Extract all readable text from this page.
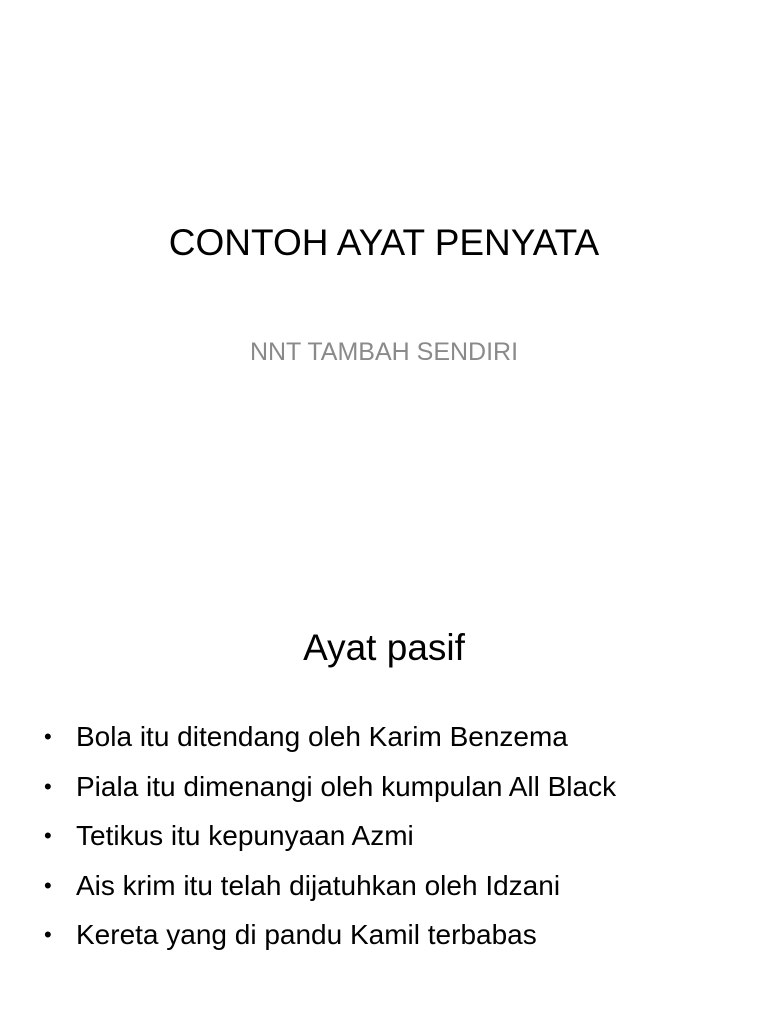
CONTOH AYAT PENYATA
NNT TAMBAH SENDIRI
Ayat pasif
• Bola itu ditendang oleh Karim Benzema
• Piala itu dimenangi oleh kumpulan All Black
• Tetikus itu kepunyaan Azmi
• Ais krim itu telah dijatuhkan oleh Idzani
• Kereta yang di pandu Kamil terbabas
